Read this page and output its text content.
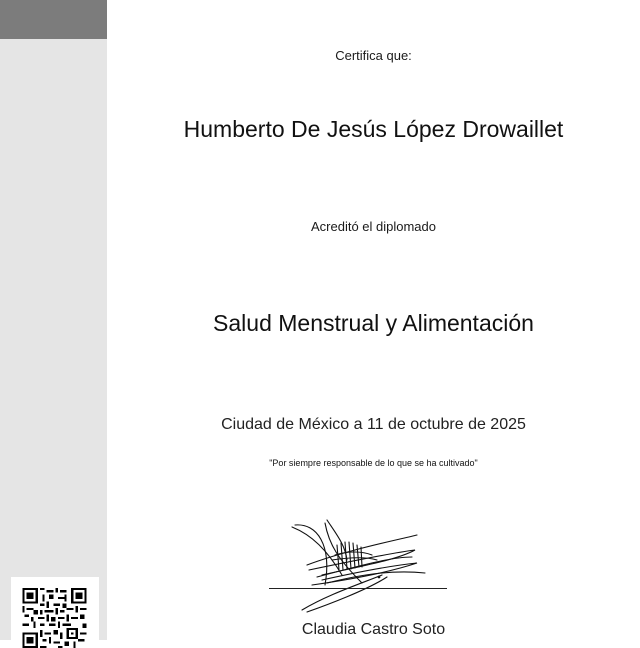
Certifica que:
Humberto De Jesús López Drowaillet
Acreditó el diplomado
Salud Menstrual y Alimentación
Ciudad de México a 11 de octubre de 2025
"Por siempre responsable de lo que se ha cultivado"
Claudia Castro Soto
